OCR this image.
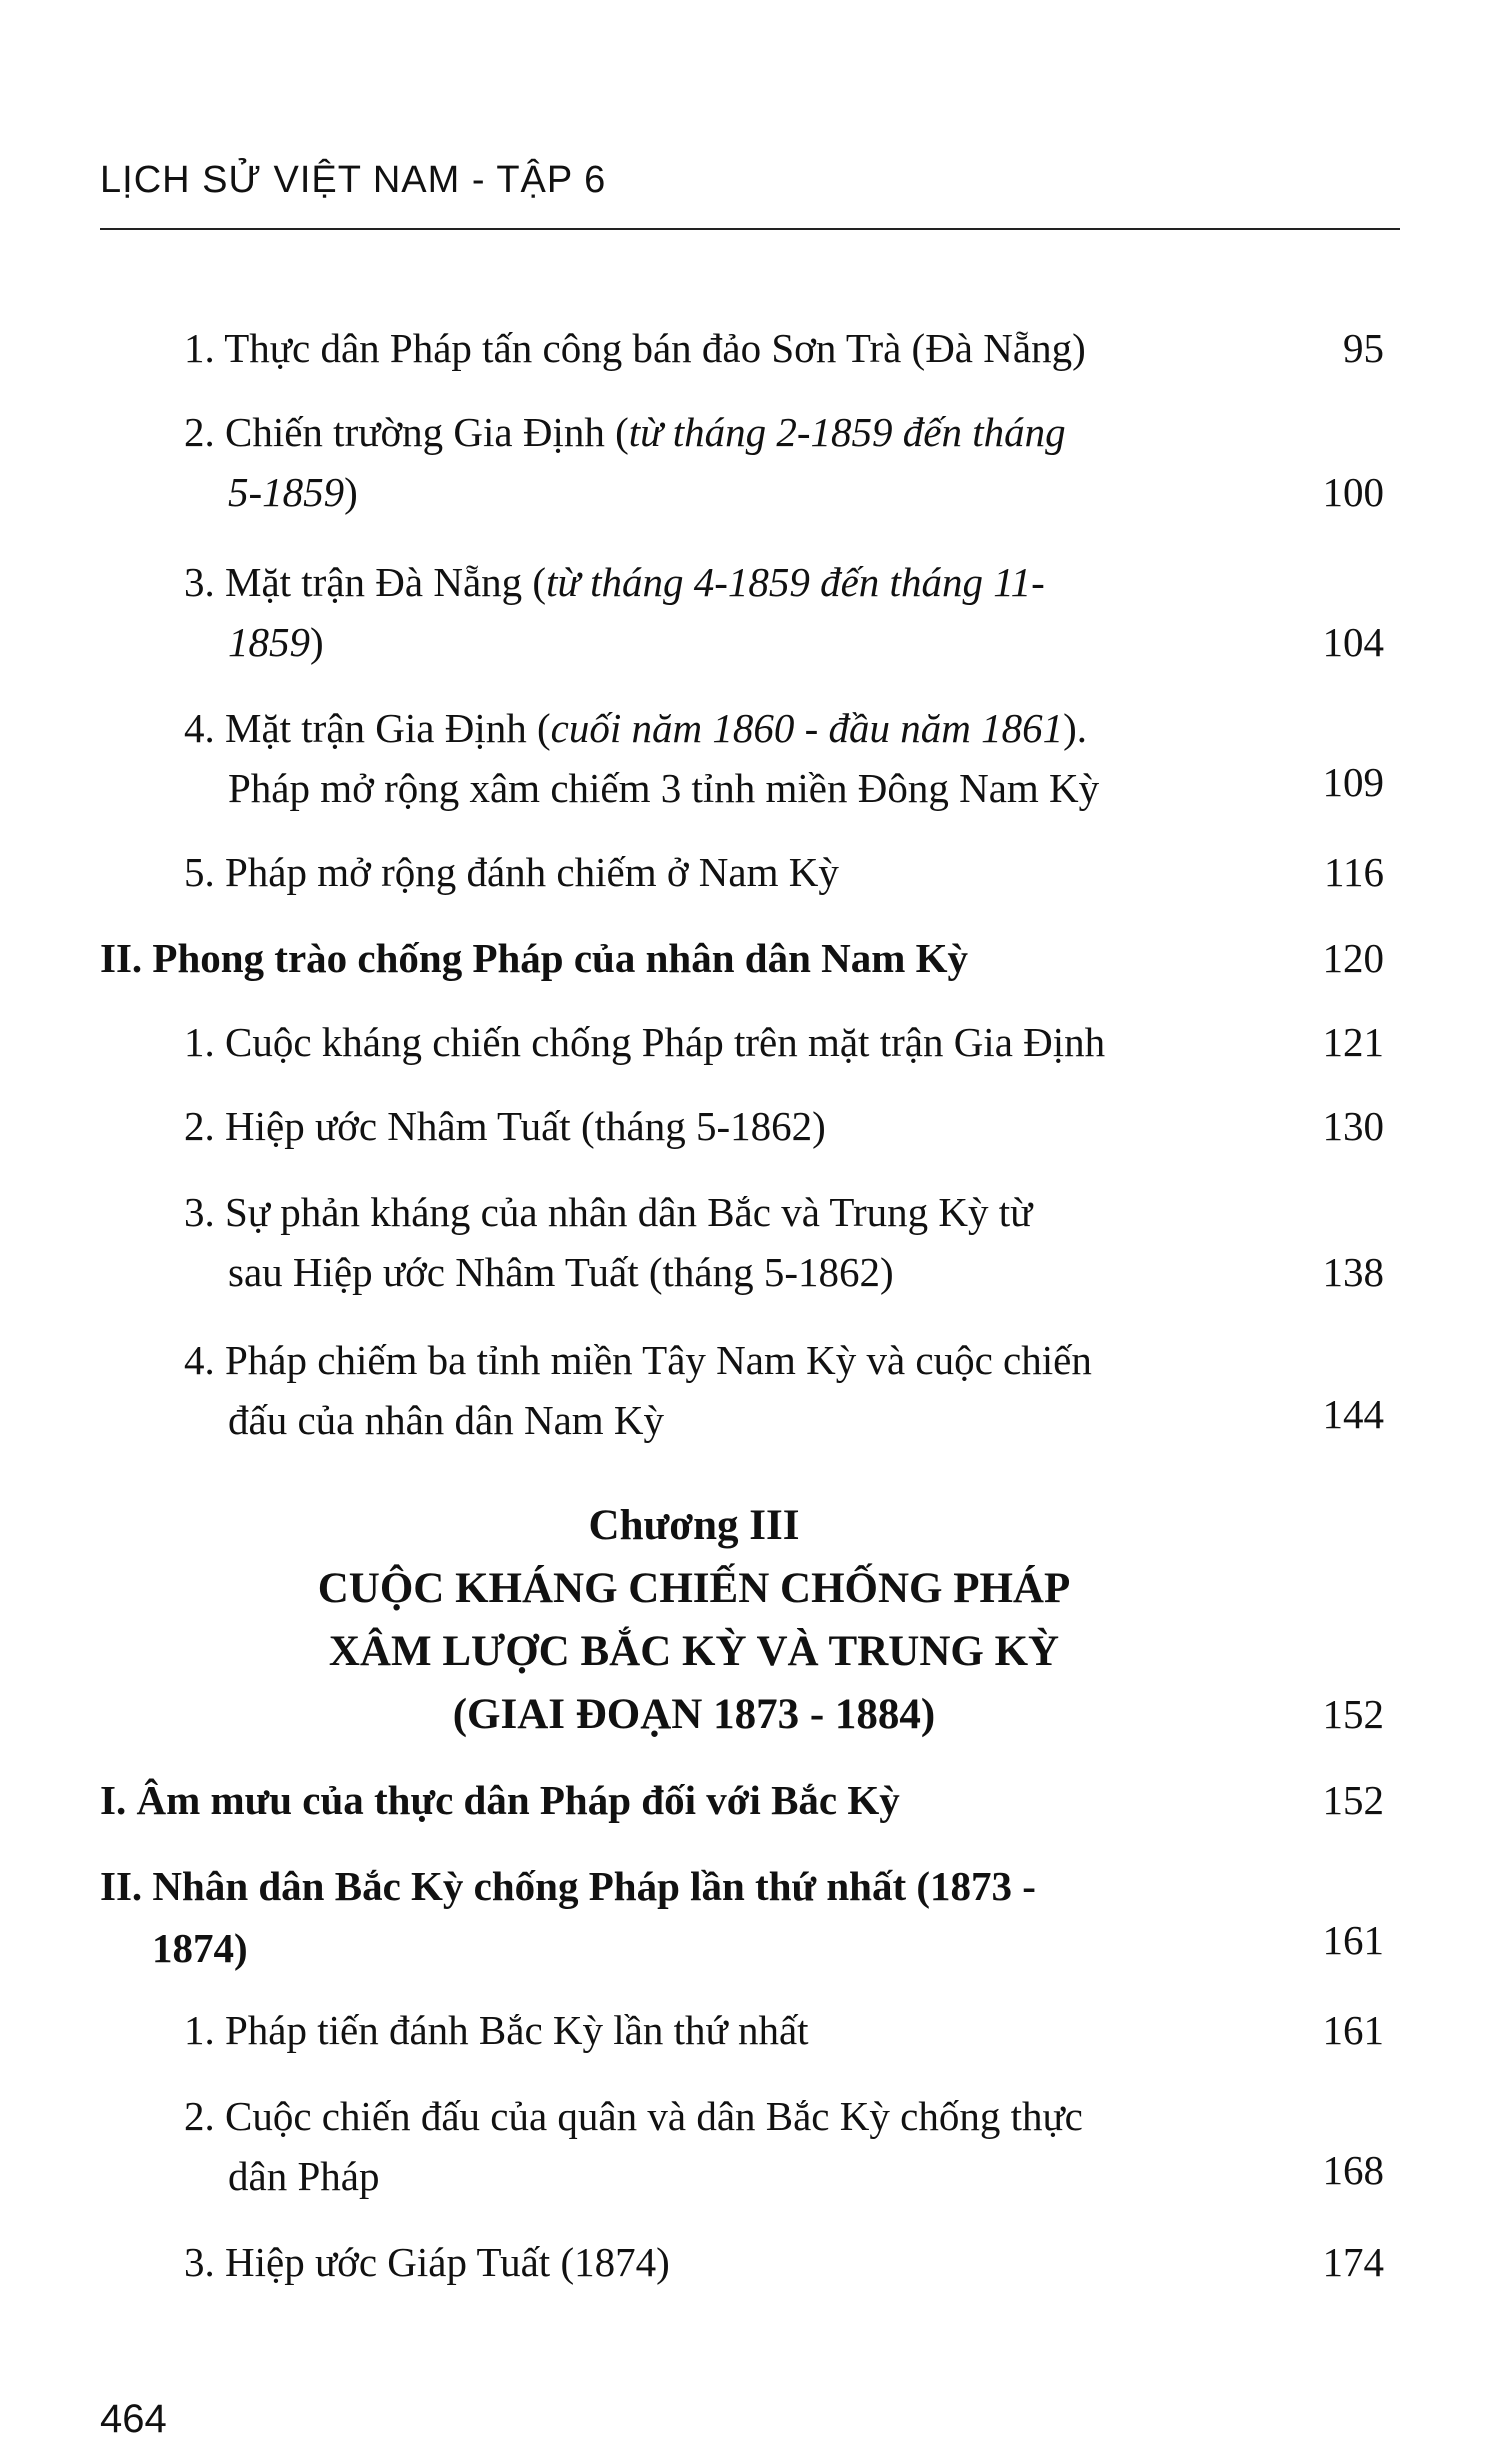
LỊCH SỬ VIỆT NAM - TẬP 6
1. Thực dân Pháp tấn công bán đảo Sơn Trà (Đà Nẵng)	95
2. Chiến trường Gia Định (từ tháng 2-1859 đến tháng
5-1859)	100
3. Mặt trận Đà Nẵng (từ tháng 4-1859 đến tháng 11-
1859)	104
4. Mặt trận Gia Định (cuối năm 1860 - đầu năm 1861).
Pháp mở rộng xâm chiếm 3 tỉnh miền Đông Nam Kỳ	109
5. Pháp mở rộng đánh chiếm ở Nam Kỳ	116
II. Phong trào chống Pháp của nhân dân Nam Kỳ	120
1. Cuộc kháng chiến chống Pháp trên mặt trận Gia Định	121
2. Hiệp ước Nhâm Tuất (tháng 5-1862)	130
3. Sự phản kháng của nhân dân Bắc và Trung Kỳ từ
sau Hiệp ước Nhâm Tuất (tháng 5-1862)	138
4. Pháp chiếm ba tỉnh miền Tây Nam Kỳ và cuộc chiến
đấu của nhân dân Nam Kỳ	144
Chương III
CUỘC KHÁNG CHIẾN CHỐNG PHÁP
XÂM LƯỢC BẮC KỲ VÀ TRUNG KỲ
(GIAI ĐOẠN 1873 - 1884)	152
I. Âm mưu của thực dân Pháp đối với Bắc Kỳ	152
II. Nhân dân Bắc Kỳ chống Pháp lần thứ nhất (1873 -
1874)	161
1. Pháp tiến đánh Bắc Kỳ lần thứ nhất	161
2. Cuộc chiến đấu của quân và dân Bắc Kỳ chống thực
dân Pháp	168
3. Hiệp ước Giáp Tuất (1874)	174
464
